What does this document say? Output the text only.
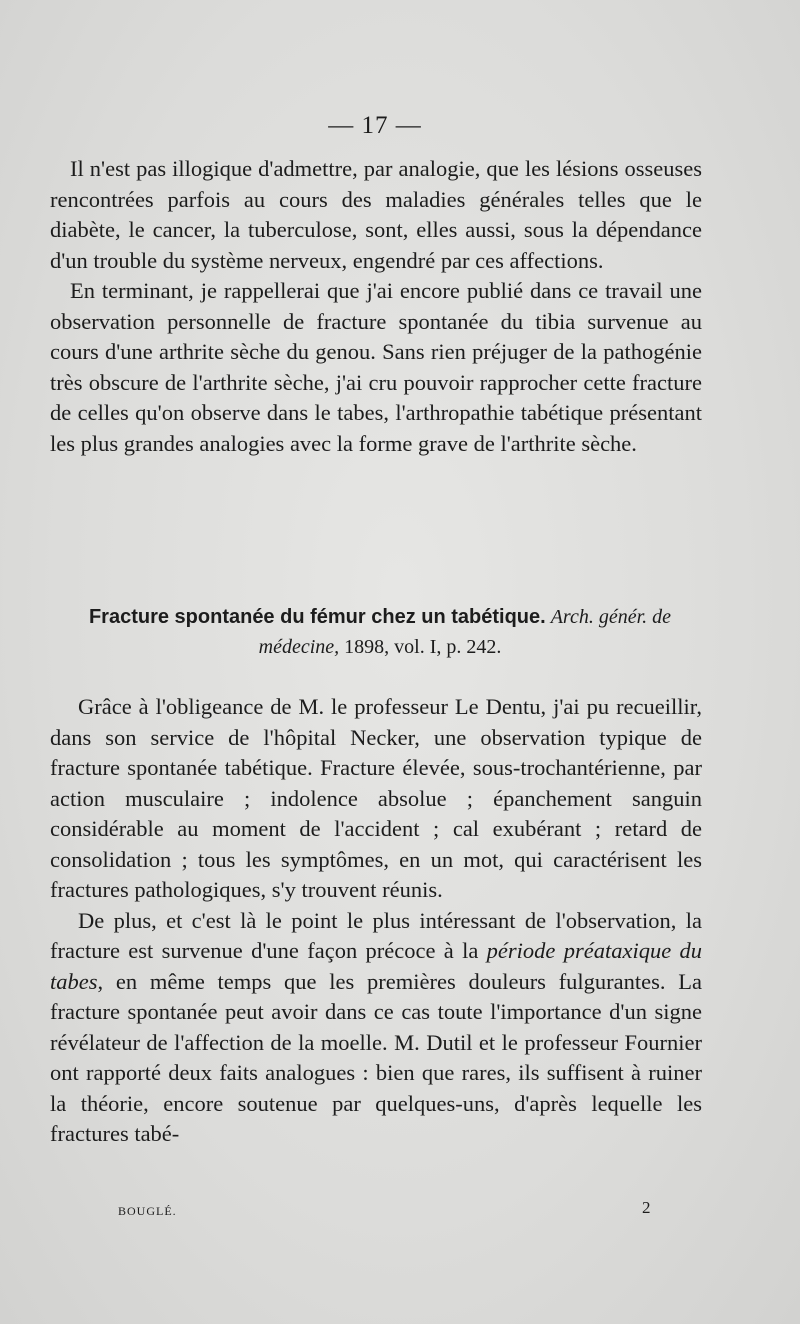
— 17 —

Il n'est pas illogique d'admettre, par analogie, que les lésions osseuses rencontrées parfois au cours des maladies générales telles que le diabète, le cancer, la tuberculose, sont, elles aussi, sous la dépendance d'un trouble du système nerveux, engendré par ces affections.

En terminant, je rappellerai que j'ai encore publié dans ce travail une observation personnelle de fracture spontanée du tibia survenue au cours d'une arthrite sèche du genou. Sans rien préjuger de la pathogénie très obscure de l'arthrite sèche, j'ai cru pouvoir rapprocher cette fracture de celles qu'on observe dans le tabes, l'arthropathie tabétique présentant les plus grandes analogies avec la forme grave de l'arthrite sèche.

Fracture spontanée du fémur chez un tabétique. Arch. génér. de médecine, 1898, vol. I, p. 242.

Grâce à l'obligeance de M. le professeur Le Dentu, j'ai pu recueillir, dans son service de l'hôpital Necker, une observation typique de fracture spontanée tabétique. Fracture élevée, sous-trochantérienne, par action musculaire ; indolence absolue ; épanchement sanguin considérable au moment de l'accident ; cal exubérant ; retard de consolidation ; tous les symptômes, en un mot, qui caractérisent les fractures pathologiques, s'y trouvent réunis.

De plus, et c'est là le point le plus intéressant de l'observation, la fracture est survenue d'une façon précoce à la période préataxique du tabes, en même temps que les premières douleurs fulgurantes. La fracture spontanée peut avoir dans ce cas toute l'importance d'un signe révélateur de l'affection de la moelle. M. Dutil et le professeur Fournier ont rapporté deux faits analogues : bien que rares, ils suffisent à ruiner la théorie, encore soutenue par quelques-uns, d'après lequelle les fractures tabé-

BOUGLÉ.	2
